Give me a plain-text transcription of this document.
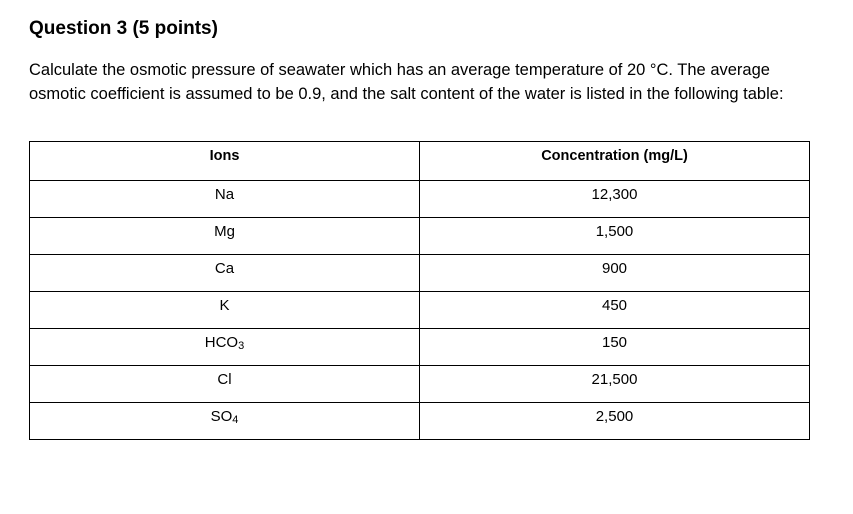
Question 3 (5 points)

Calculate the osmotic pressure of seawater which has an average temperature of 20 °C. The average osmotic coefficient is assumed to be 0.9, and the salt content of the water is listed in the following table:

Ions	Concentration (mg/L)
Na	12,300
Mg	1,500
Ca	900
K	450
$HCO_3$	150
Cl	21,500
$SO_4$	2,500
